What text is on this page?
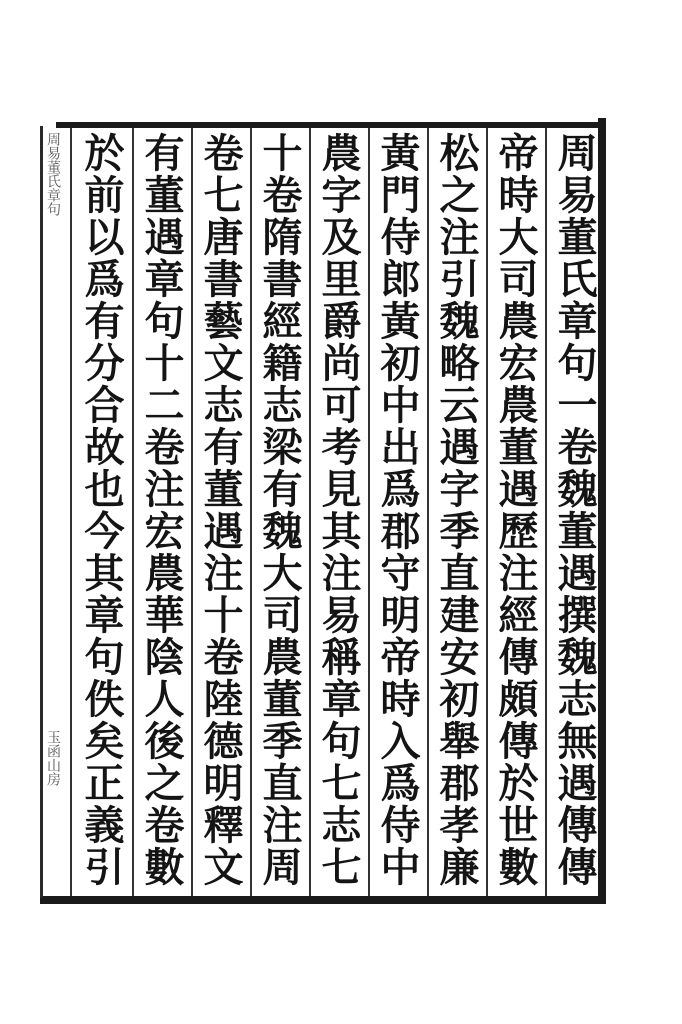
周易董氏章句一卷魏董遇撰魏志無遇傳傳
帝時大司農宏農董遇歷注經傳頗傳於世數
松之注引魏略云遇字季直建安初舉郡孝廉
黃門侍郎黃初中出爲郡守明帝時入爲侍中
農字及里爵尚可考見其注易稱章句七志七
十卷隋書經籍志梁有魏大司農董季直注周
卷七唐書藝文志有董遇注十卷陸德明釋文
有董遇章句十二卷注宏農華陰人後之卷數
於前以爲有分合故也今其章句佚矣正義引
周易董氏章句
玉函山房
